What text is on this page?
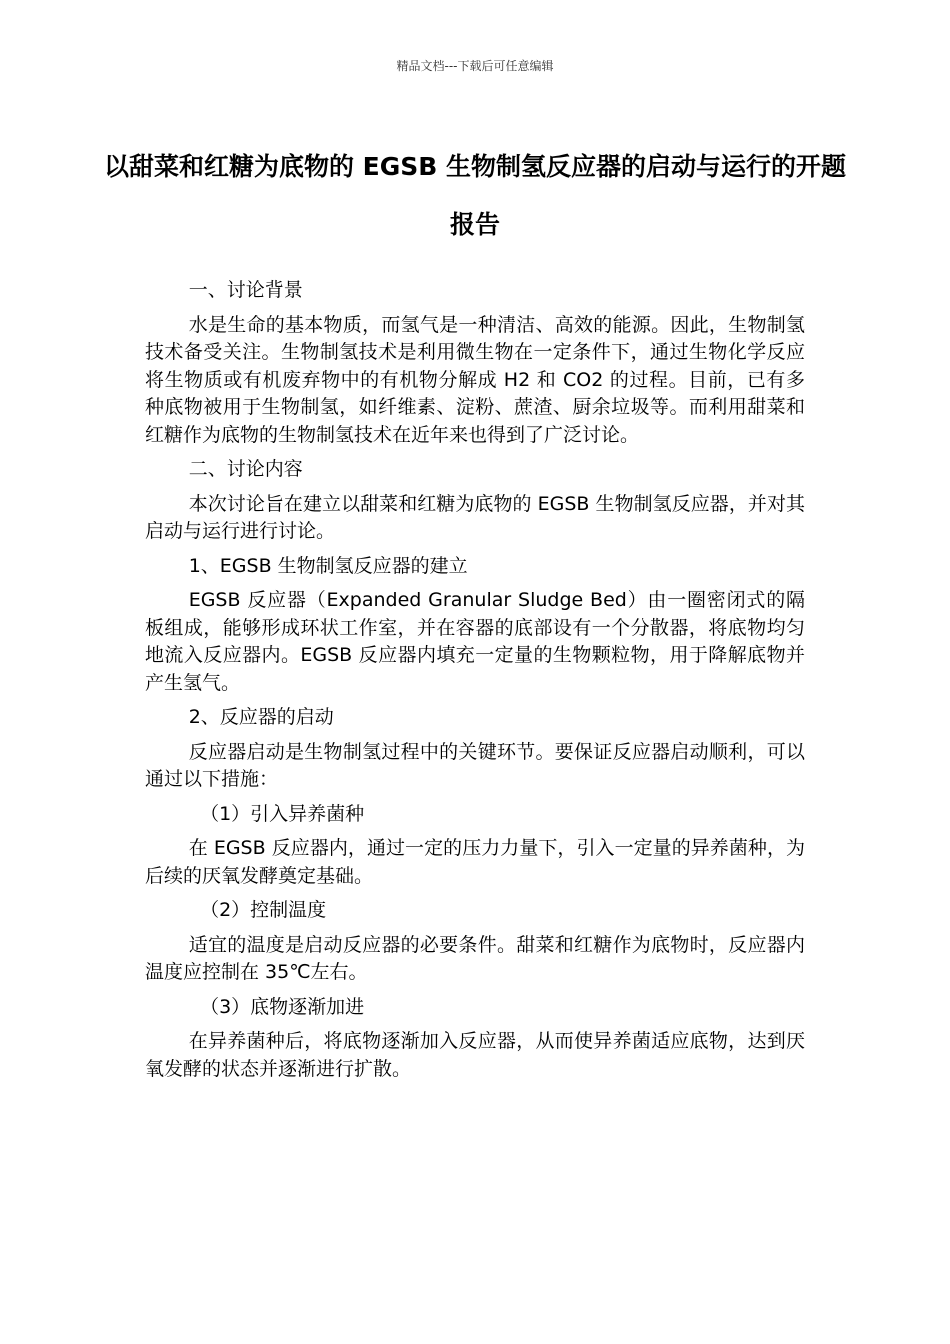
精品文档---下载后可任意编辑
以甜菜和红糖为底物的 EGSB 生物制氢反应器的启动与运行的开题报告

一、讨论背景

水是生命的基本物质，而氢气是一种清洁、高效的能源。因此，生物制氢技术备受关注。生物制氢技术是利用微生物在一定条件下，通过生物化学反应将生物质或有机废弃物中的有机物分解成 H2 和 CO2 的过程。目前，已有多种底物被用于生物制氢，如纤维素、淀粉、蔗渣、厨余垃圾等。而利用甜菜和红糖作为底物的生物制氢技术在近年来也得到了广泛讨论。

二、讨论内容

本次讨论旨在建立以甜菜和红糖为底物的 EGSB 生物制氢反应器，并对其启动与运行进行讨论。

1、EGSB 生物制氢反应器的建立

EGSB 反应器（Expanded Granular Sludge Bed）由一圈密闭式的隔板组成，能够形成环状工作室，并在容器的底部设有一个分散器，将底物均匀地流入反应器内。EGSB 反应器内填充一定量的生物颗粒物，用于降解底物并产生氢气。

2、反应器的启动

反应器启动是生物制氢过程中的关键环节。要保证反应器启动顺利，可以通过以下措施：

（1）引入异养菌种

在 EGSB 反应器内，通过一定的压力力量下，引入一定量的异养菌种，为后续的厌氧发酵奠定基础。

（2）控制温度

适宜的温度是启动反应器的必要条件。甜菜和红糖作为底物时，反应器内温度应控制在 35℃左右。

（3）底物逐渐加进

在异养菌种后，将底物逐渐加入反应器，从而使异养菌适应底物，达到厌氧发酵的状态并逐渐进行扩散。
